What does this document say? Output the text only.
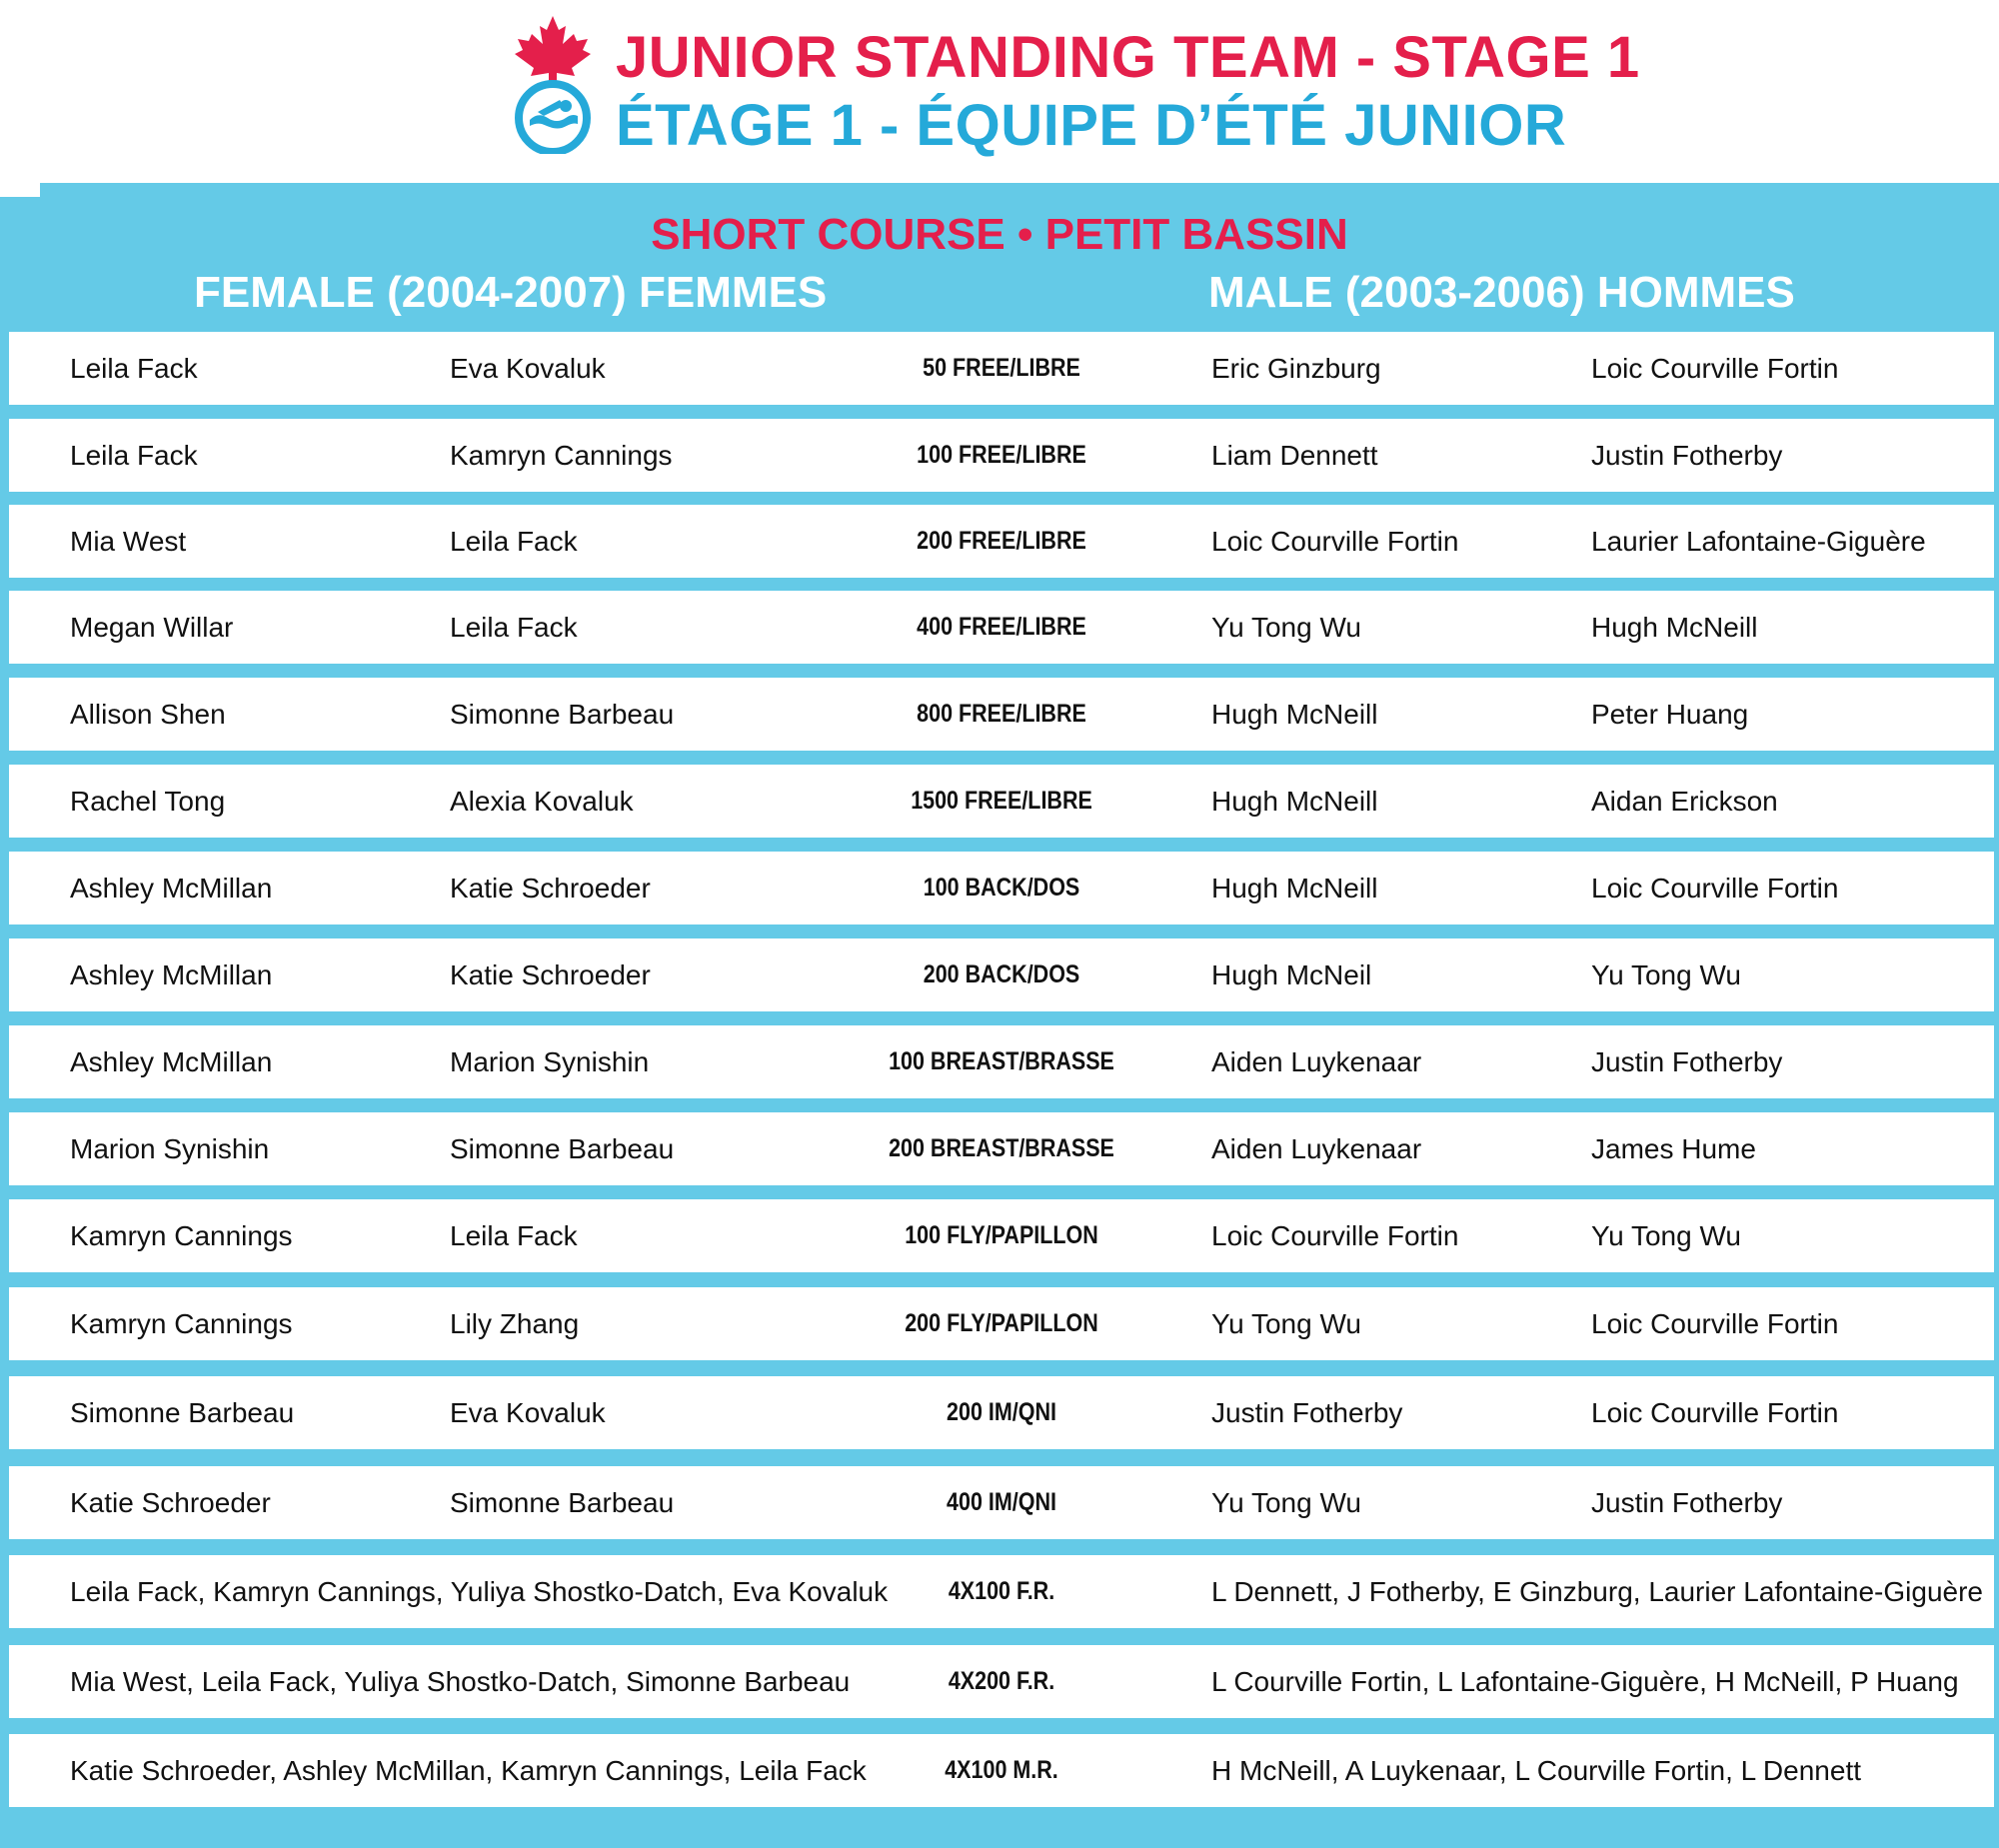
JUNIOR STANDING TEAM - STAGE 1
ÉTAGE 1 - ÉQUIPE D’ÉTÉ JUNIOR
SHORT COURSE • PETIT BASSIN
FEMALE (2004-2007) FEMMES	MALE (2003-2006) HOMMES
Leila Fack	Eva Kovaluk	50 FREE/LIBRE	Eric Ginzburg	Loic Courville Fortin
Leila Fack	Kamryn Cannings	100 FREE/LIBRE	Liam Dennett	Justin Fotherby
Mia West	Leila Fack	200 FREE/LIBRE	Loic Courville Fortin	Laurier Lafontaine-Giguère
Megan Willar	Leila Fack	400 FREE/LIBRE	Yu Tong Wu	Hugh McNeill
Allison Shen	Simonne Barbeau	800 FREE/LIBRE	Hugh McNeill	Peter Huang
Rachel Tong	Alexia Kovaluk	1500 FREE/LIBRE	Hugh McNeill	Aidan Erickson
Ashley McMillan	Katie Schroeder	100 BACK/DOS	Hugh McNeill	Loic Courville Fortin
Ashley McMillan	Katie Schroeder	200 BACK/DOS	Hugh McNeil	Yu Tong Wu
Ashley McMillan	Marion Synishin	100 BREAST/BRASSE	Aiden Luykenaar	Justin Fotherby
Marion Synishin	Simonne Barbeau	200 BREAST/BRASSE	Aiden Luykenaar	James Hume
Kamryn Cannings	Leila Fack	100 FLY/PAPILLON	Loic Courville Fortin	Yu Tong Wu
Kamryn Cannings	Lily Zhang	200 FLY/PAPILLON	Yu Tong Wu	Loic Courville Fortin
Simonne Barbeau	Eva Kovaluk	200 IM/QNI	Justin Fotherby	Loic Courville Fortin
Katie Schroeder	Simonne Barbeau	400 IM/QNI	Yu Tong Wu	Justin Fotherby
Leila Fack, Kamryn Cannings, Yuliya Shostko-Datch, Eva Kovaluk	4X100 F.R.	L Dennett, J Fotherby, E Ginzburg, Laurier Lafontaine-Giguère
Mia West, Leila Fack, Yuliya Shostko-Datch, Simonne Barbeau	4X200 F.R.	L Courville Fortin, L Lafontaine-Giguère, H McNeill, P Huang
Katie Schroeder, Ashley McMillan, Kamryn Cannings, Leila Fack	4X100 M.R.	H McNeill, A Luykenaar, L Courville Fortin, L Dennett
